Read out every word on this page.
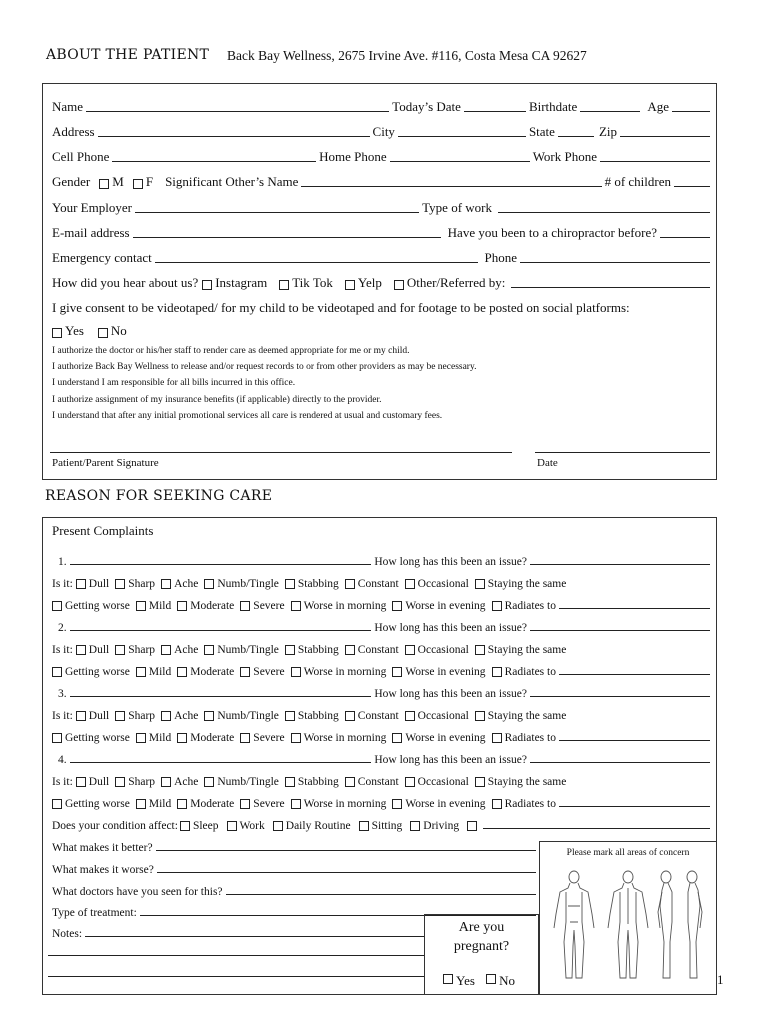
ABOUT THE PATIENT Back Bay Wellness, 2675 Irvine Ave. #116, Costa Mesa CA 92627
Name	Today’s Date	Birthdate	Age
Address	City	State	Zip
Cell Phone	Home Phone	Work Phone
Gender M F Significant Other’s Name	# of children
Your Employer	Type of work
E-mail address	Have you been to a chiropractor before?
Emergency contact	Phone
How did you hear about us? Instagram Tik Tok Yelp Other/Referred by:
I give consent to be videotaped/ for my child to be videotaped and for footage to be posted on social platforms:
Yes No
I authorize the doctor or his/her staff to render care as deemed appropriate for me or my child.
I authorize Back Bay Wellness to release and/or request records to or from other providers as may be necessary.
I understand I am responsible for all bills incurred in this office.
I authorize assignment of my insurance benefits (if applicable) directly to the provider.
I understand that after any initial promotional services all care is rendered at usual and customary fees.
Patient/Parent Signature	Date
REASON FOR SEEKING CARE
Present Complaints
1.	How long has this been an issue?
Is it: Dull Sharp Ache Numb/Tingle Stabbing Constant Occasional Staying the same
Getting worse Mild Moderate Severe Worse in morning Worse in evening Radiates to
2.	How long has this been an issue?
Is it: Dull Sharp Ache Numb/Tingle Stabbing Constant Occasional Staying the same
Getting worse Mild Moderate Severe Worse in morning Worse in evening Radiates to
3.	How long has this been an issue?
Is it: Dull Sharp Ache Numb/Tingle Stabbing Constant Occasional Staying the same
Getting worse Mild Moderate Severe Worse in morning Worse in evening Radiates to
4.	How long has this been an issue?
Is it: Dull Sharp Ache Numb/Tingle Stabbing Constant Occasional Staying the same
Getting worse Mild Moderate Severe Worse in morning Worse in evening Radiates to
Does your condition affect: Sleep Work Daily Routine Sitting Driving
What makes it better?
What makes it worse?
What doctors have you seen for this?
Type of treatment:
Notes:	Are you
pregnant?
Yes No
Please mark all areas of concern
1
